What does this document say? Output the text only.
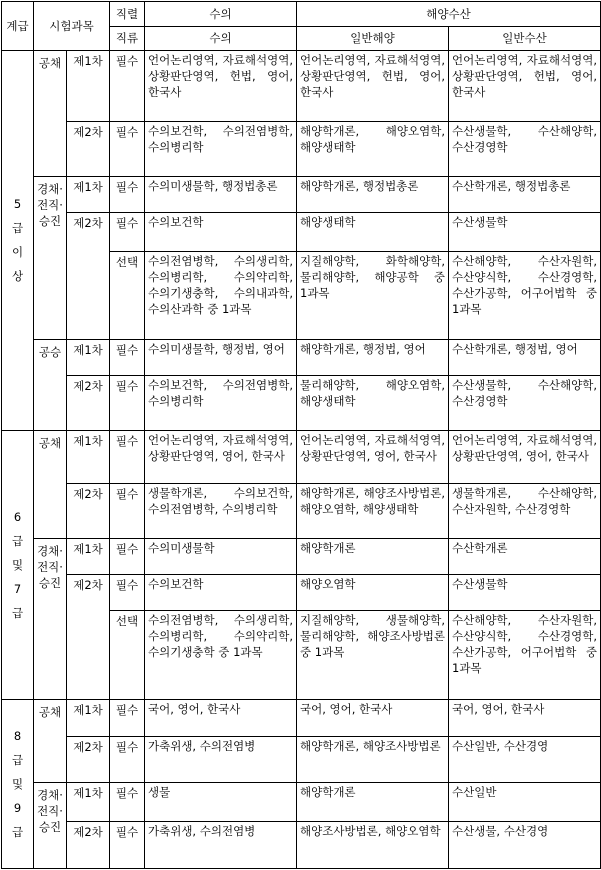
계급	시험과목		직렬	수의	해양수산	
			직류	수의	일반해양	일반수산

5
급
이
상	공채	제1차	필수	언어논리영역, 자료해석영역, 상황판단영역, 헌법, 영어, 한국사	언어논리영역, 자료해석영역, 상황판단영역, 헌법, 영어, 한국사	언어논리영역, 자료해석영역, 상황판단영역, 헌법, 영어, 한국사
		제2차	필수	수의보건학, 수의전염병학, 수의병리학	해양학개론, 해양오염학, 해양생태학	수산생물학, 수산해양학, 수산경영학
	경채·전직·승진	제1차	필수	수의미생물학, 행정법총론	해양학개론, 행정법총론	수산학개론, 행정법총론
		제2차	필수	수의보건학	해양생태학	수산생물학
			선택	수의전염병학, 수의생리학, 수의병리학, 수의약리학, 수의기생충학, 수의내과학, 수의산과학 중 1과목	지질해양학, 화학해양학, 물리해양학, 해양공학 중 1과목	수산해양학, 수산자원학, 수산양식학, 수산경영학, 수산가공학, 어구어법학 중 1과목
	공승	제1차	필수	수의미생물학, 행정법, 영어	해양학개론, 행정법, 영어	수산학개론, 행정법, 영어
		제2차	필수	수의보건학, 수의전염병학, 수의병리학	물리해양학, 해양오염학, 해양생태학	수산생물학, 수산해양학, 수산경영학

6
급
및
7
급	공채	제1차	필수	언어논리영역, 자료해석영역, 상황판단영역, 영어, 한국사	언어논리영역, 자료해석영역, 상황판단영역, 영어, 한국사	언어논리영역, 자료해석영역, 상황판단영역, 영어, 한국사
		제2차	필수	생물학개론, 수의보건학, 수의전염병학, 수의병리학	해양학개론, 해양조사방법론, 해양오염학, 해양생태학	생물학개론, 수산해양학, 수산자원학, 수산경영학
	경채·전직·승진	제1차	필수	수의미생물학	해양학개론	수산학개론
		제2차	필수	수의보건학	해양오염학	수산생물학
			선택	수의전염병학, 수의생리학, 수의병리학, 수의약리학, 수의기생충학 중 1과목	지질해양학, 생물해양학, 물리해양학, 해양조사방법론 중 1과목	수산해양학, 수산자원학, 수산양식학, 수산경영학, 수산가공학, 어구어법학 중 1과목

8
급
및
9
급	공채	제1차	필수	국어, 영어, 한국사	국어, 영어, 한국사	국어, 영어, 한국사
		제2차	필수	가축위생, 수의전염병	해양학개론, 해양조사방법론	수산일반, 수산경영
	경채·전직·승진	제1차	필수	생물	해양학개론	수산일반
		제2차	필수	가축위생, 수의전염병	해양조사방법론, 해양오염학	수산생물, 수산경영
